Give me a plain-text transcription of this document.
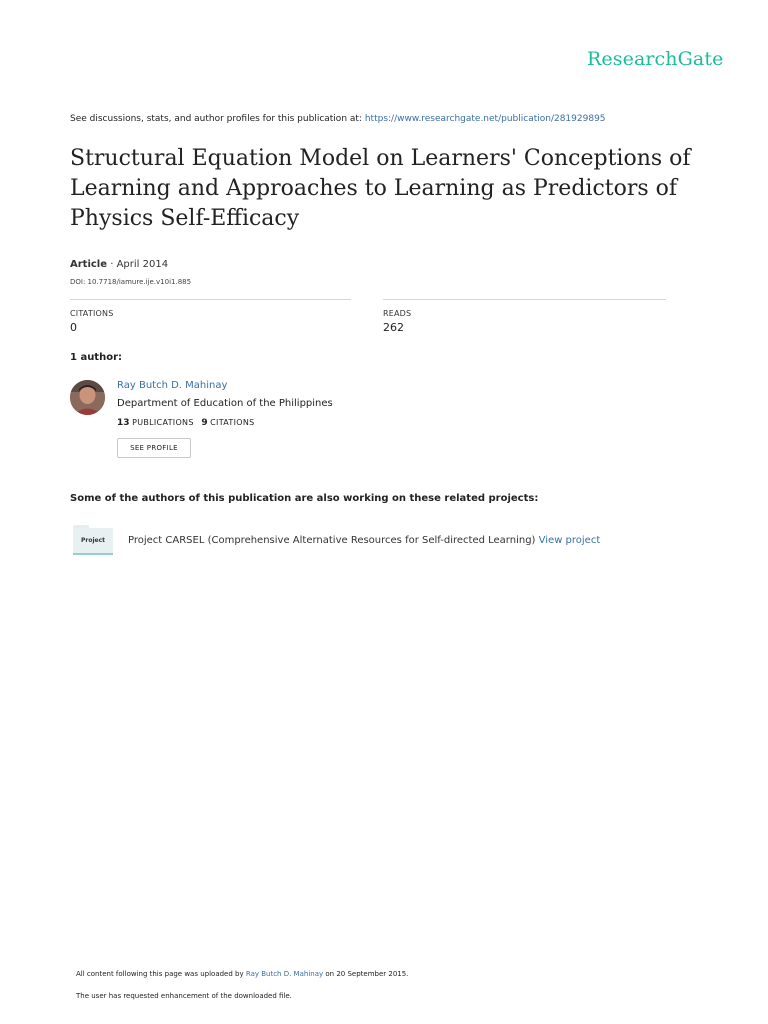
ResearchGate
See discussions, stats, and author profiles for this publication at: https://www.researchgate.net/publication/281929895
Structural Equation Model on Learners' Conceptions of Learning and Approaches to Learning as Predictors of Physics Self-Efficacy
Article · April 2014
DOI: 10.7718/iamure.ije.v10i1.885
CITATIONS
0
READS
262
1 author:
Ray Butch D. Mahinay
Department of Education of the Philippines
13 PUBLICATIONS 9 CITATIONS
SEE PROFILE
Some of the authors of this publication are also working on these related projects:
Project Project CARSEL (Comprehensive Alternative Resources for Self-directed Learning) View project
All content following this page was uploaded by Ray Butch D. Mahinay on 20 September 2015.
The user has requested enhancement of the downloaded file.
